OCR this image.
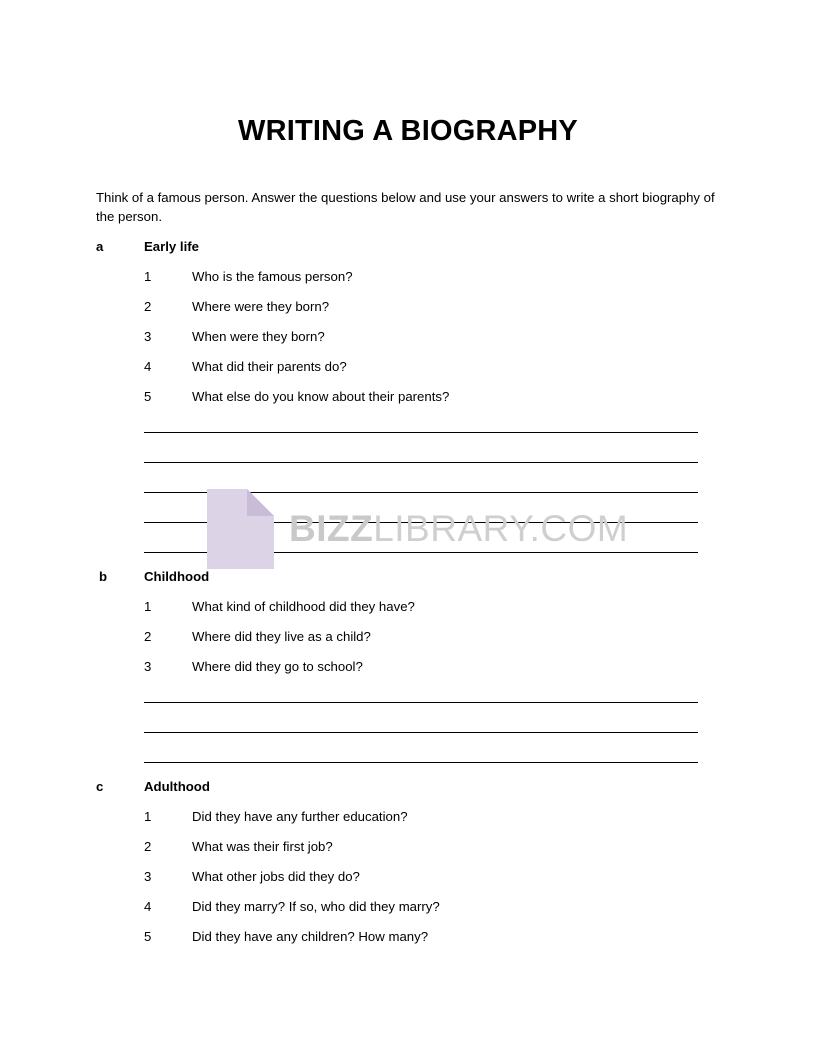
WRITING A BIOGRAPHY
Think of a famous person. Answer the questions below and use your answers to write a short biography of the person.
a	Early life
1	Who is the famous person?
2	Where were they born?
3	When were they born?
4	What did their parents do?
5	What else do you know about their parents?
b	Childhood
1	What kind of childhood did they have?
2	Where did they live as a child?
3	Where did they go to school?
c	Adulthood
1	Did they have any further education?
2	What was their first job?
3	What other jobs did they do?
4	Did they marry? If so, who did they marry?
5	Did they have any children? How many?
BIZZLIBRARY.COM
